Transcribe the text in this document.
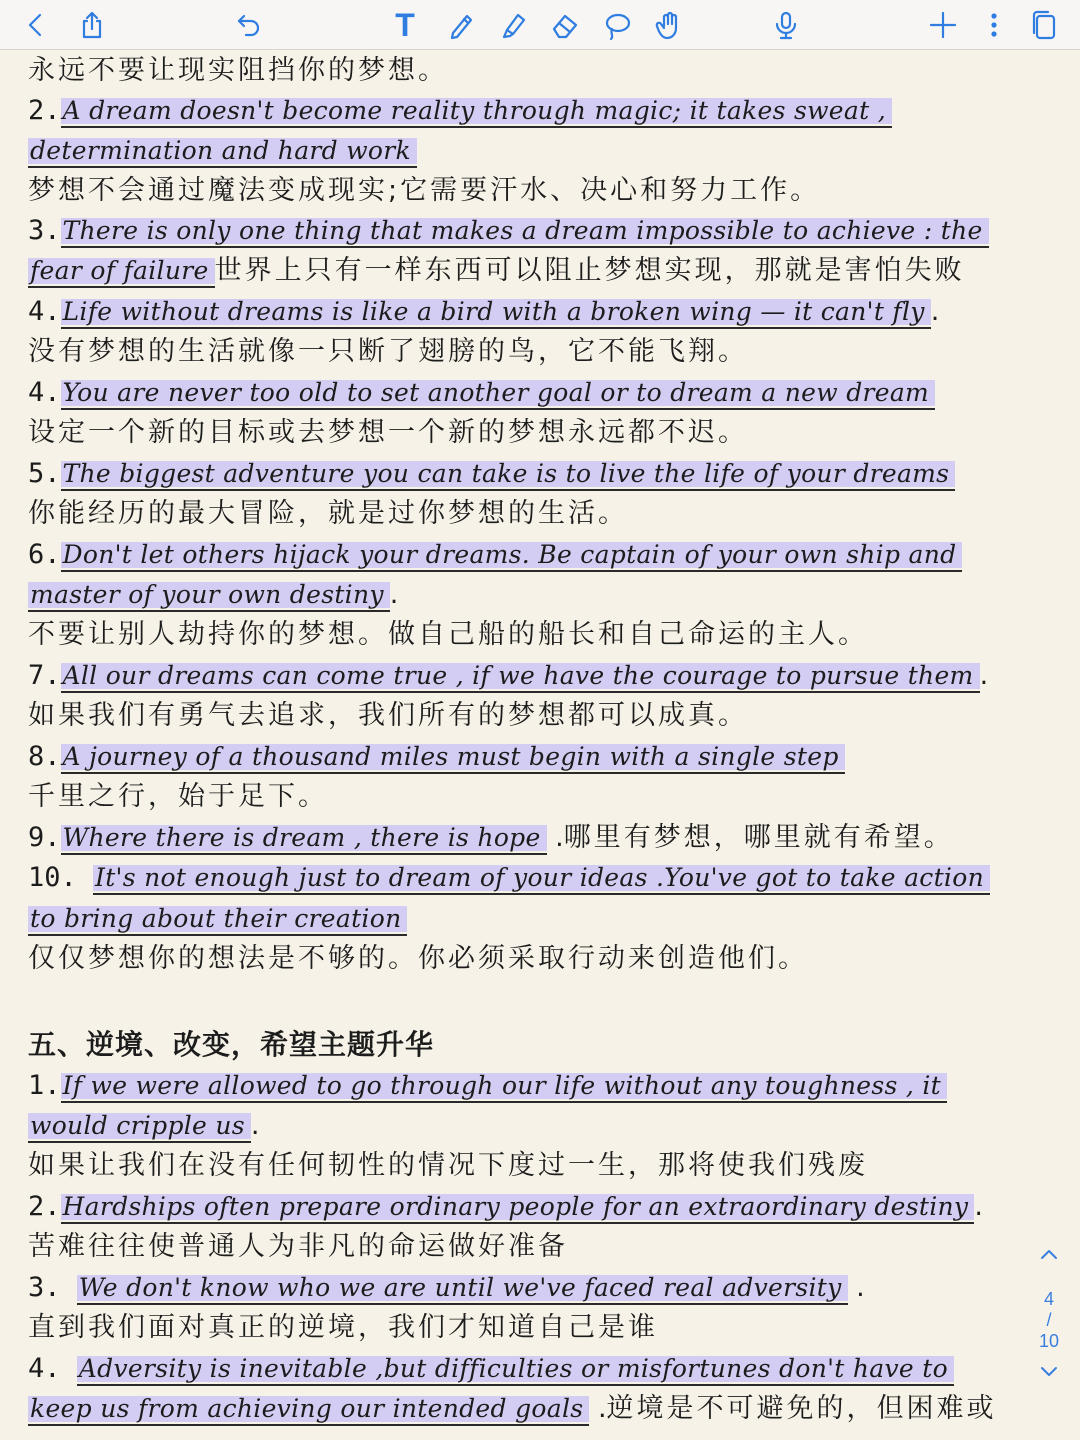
T
永远不要让现实阻挡你的梦想。
2.A dream doesn't become reality through magic; it takes sweat ,
determination and hard work
梦想不会通过魔法变成现实;它需要汗水、决心和努力工作。
3.There is only one thing that makes a dream impossible to achieve : the
fear of failure 世界上只有一样东西可以阻止梦想实现，那就是害怕失败
4.Life without dreams is like a bird with a broken wing — it can't fly .
没有梦想的生活就像一只断了翅膀的鸟，它不能飞翔。
4.You are never too old to set another goal or to dream a new dream
设定一个新的目标或去梦想一个新的梦想永远都不迟。
5.The biggest adventure you can take is to live the life of your dreams
你能经历的最大冒险，就是过你梦想的生活。
6.Don't let others hijack your dreams. Be captain of your own ship and
master of your own destiny .
不要让别人劫持你的梦想。做自己船的船长和自己命运的主人。
7.All our dreams can come true , if we have the courage to pursue them .
如果我们有勇气去追求，我们所有的梦想都可以成真。
8.A journey of a thousand miles must begin with a single step
千里之行，始于足下。
9.Where there is dream , there is hope .哪里有梦想，哪里就有希望。
10. It's not enough just to dream of your ideas .You've got to take action
to bring about their creation
仅仅梦想你的想法是不够的。你必须采取行动来创造他们。
五、逆境、改变，希望主题升华
1.If we were allowed to go through our life without any toughness , it
would cripple us .
如果让我们在没有任何韧性的情况下度过一生，那将使我们残废
2.Hardships often prepare ordinary people for an extraordinary destiny .
苦难往往使普通人为非凡的命运做好准备
3. We don't know who we are until we've faced real adversity .
直到我们面对真正的逆境，我们才知道自己是谁
4. Adversity is inevitable ,but difficulties or misfortunes don't have to
keep us from achieving our intended goals .逆境是不可避免的，但困难或
4
/
10
